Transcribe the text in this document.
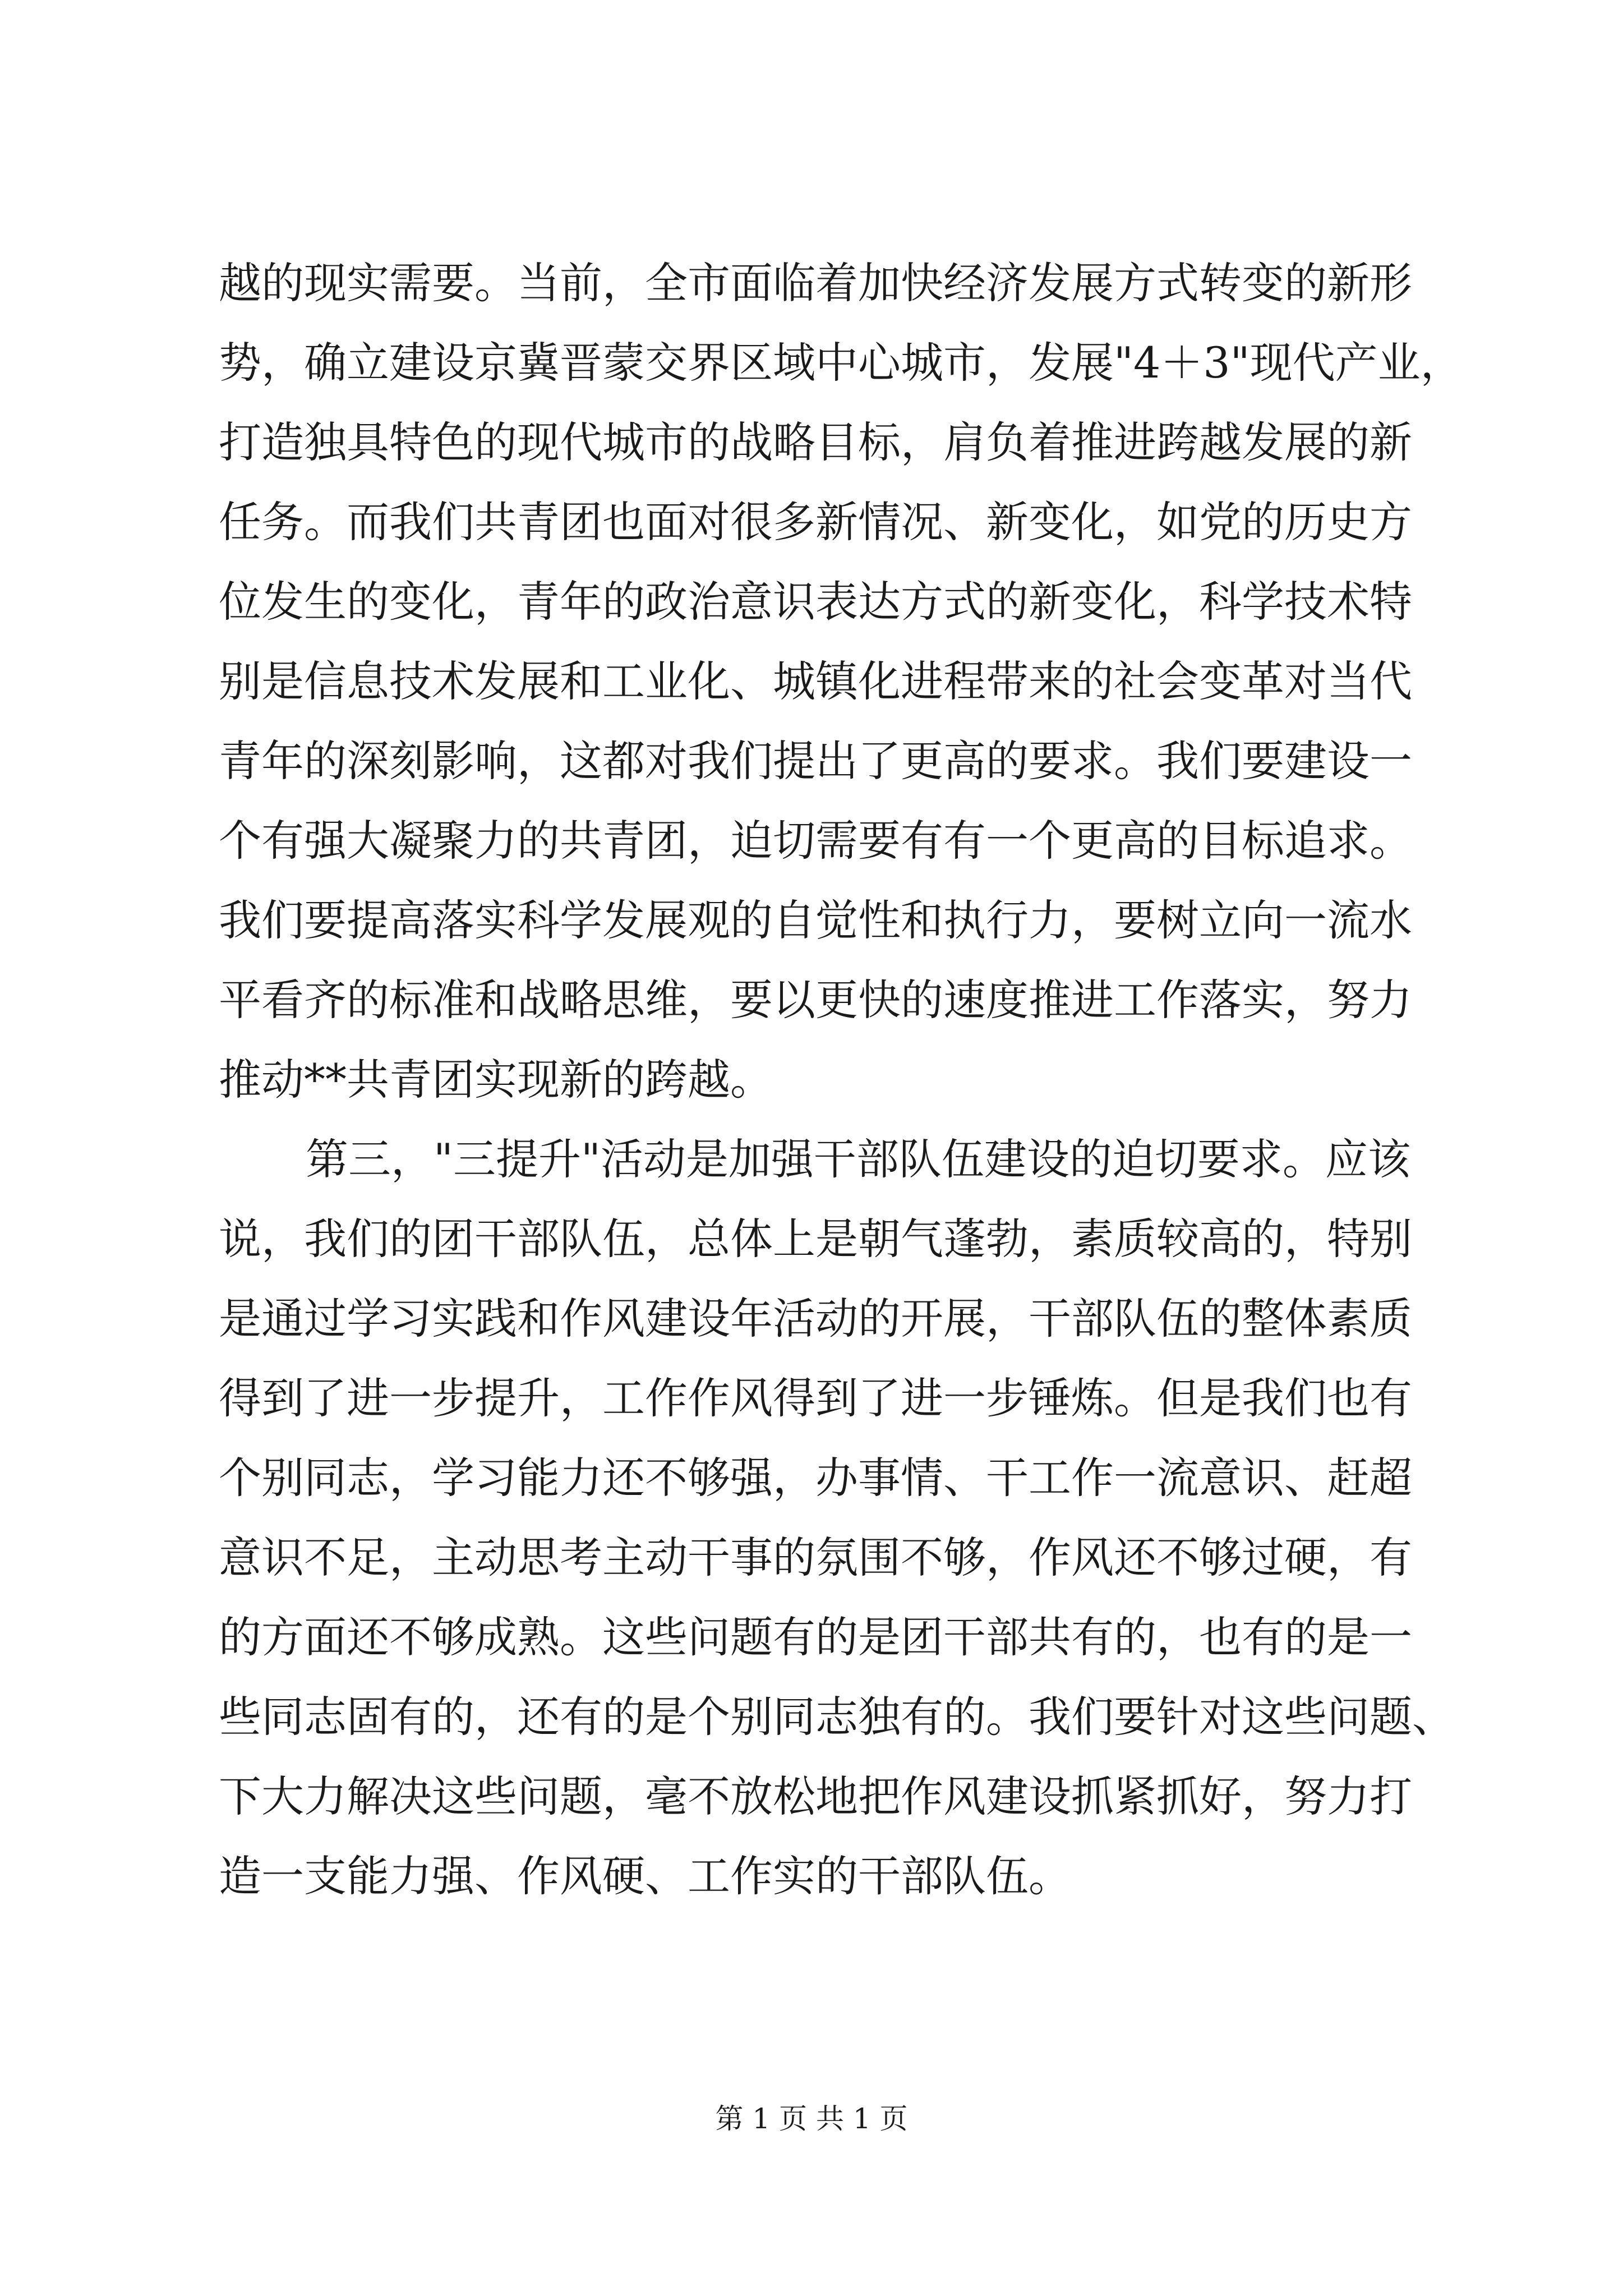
越的现实需要。当前，全市面临着加快经济发展方式转变的新形
势，确立建设京冀晋蒙交界区域中心城市，发展"4＋3"现代产业，
打造独具特色的现代城市的战略目标，肩负着推进跨越发展的新
任务。而我们共青团也面对很多新情况、新变化，如党的历史方
位发生的变化，青年的政治意识表达方式的新变化，科学技术特
别是信息技术发展和工业化、城镇化进程带来的社会变革对当代
青年的深刻影响，这都对我们提出了更高的要求。我们要建设一
个有强大凝聚力的共青团，迫切需要有有一个更高的目标追求。
我们要提高落实科学发展观的自觉性和执行力，要树立向一流水
平看齐的标准和战略思维，要以更快的速度推进工作落实，努力
推动**共青团实现新的跨越。
第三，"三提升"活动是加强干部队伍建设的迫切要求。应该
说，我们的团干部队伍，总体上是朝气蓬勃，素质较高的，特别
是通过学习实践和作风建设年活动的开展，干部队伍的整体素质
得到了进一步提升，工作作风得到了进一步锤炼。但是我们也有
个别同志，学习能力还不够强，办事情、干工作一流意识、赶超
意识不足，主动思考主动干事的氛围不够，作风还不够过硬，有
的方面还不够成熟。这些问题有的是团干部共有的，也有的是一
些同志固有的，还有的是个别同志独有的。我们要针对这些问题、
下大力解决这些问题，毫不放松地把作风建设抓紧抓好，努力打
造一支能力强、作风硬、工作实的干部队伍。
第 1 页 共 1 页
